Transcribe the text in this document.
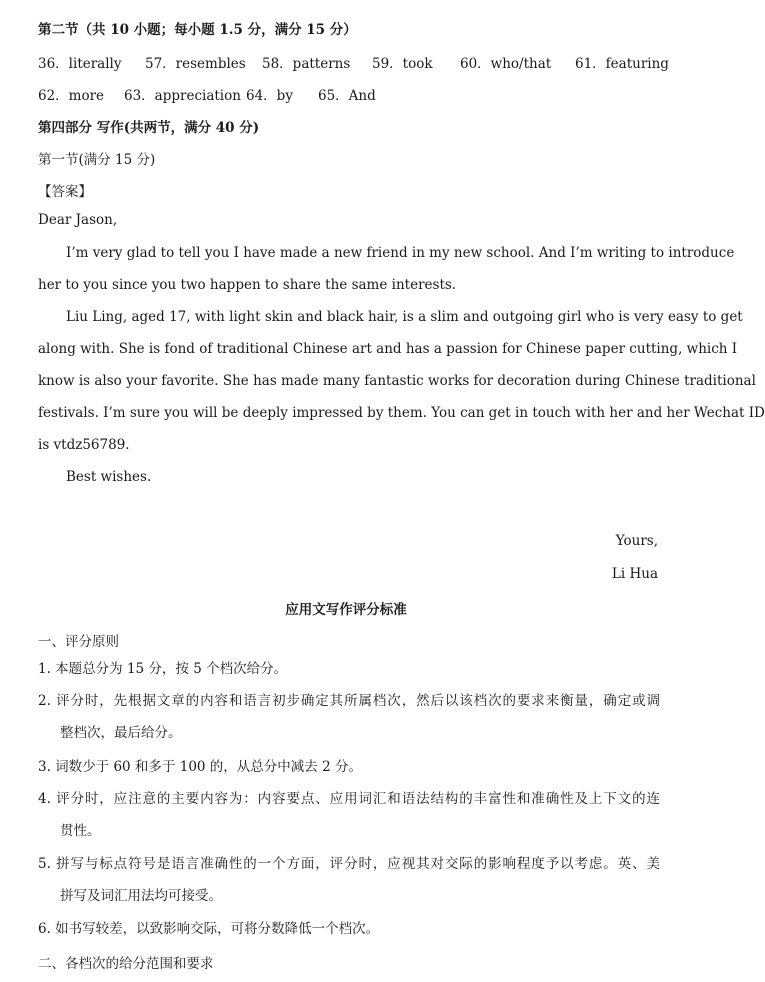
第二节（共 10 小题；每小题 1.5 分，满分 15 分）
36．literally 57．resembles 58．patterns 59．took 60．who/that 61．featuring
62．more 63．appreciation 64．by 65．And
第四部分 写作(共两节，满分 40 分)
第一节(满分 15 分)
【答案】
Dear Jason,
I’m very glad to tell you I have made a new friend in my new school. And I’m writing to introduce
her to you since you two happen to share the same interests.
Liu Ling, aged 17, with light skin and black hair, is a slim and outgoing girl who is very easy to get
along with. She is fond of traditional Chinese art and has a passion for Chinese paper cutting, which I
know is also your favorite. She has made many fantastic works for decoration during Chinese traditional
festivals. I’m sure you will be deeply impressed by them. You can get in touch with her and her Wechat ID
is vtdz56789.
Best wishes.
Yours,
Li Hua
应用文写作评分标准
一、评分原则
1. 本题总分为 15 分，按 5 个档次给分。
2. 评分时，先根据文章的内容和语言初步确定其所属档次，然后以该档次的要求来衡量，确定或调
整档次，最后给分。
3. 词数少于 60 和多于 100 的，从总分中减去 2 分。
4. 评分时，应注意的主要内容为：内容要点、应用词汇和语法结构的丰富性和准确性及上下文的连
贯性。
5. 拼写与标点符号是语言准确性的一个方面，评分时，应视其对交际的影响程度予以考虑。英、美
拼写及词汇用法均可接受。
6. 如书写较差，以致影响交际，可将分数降低一个档次。
二、各档次的给分范围和要求
